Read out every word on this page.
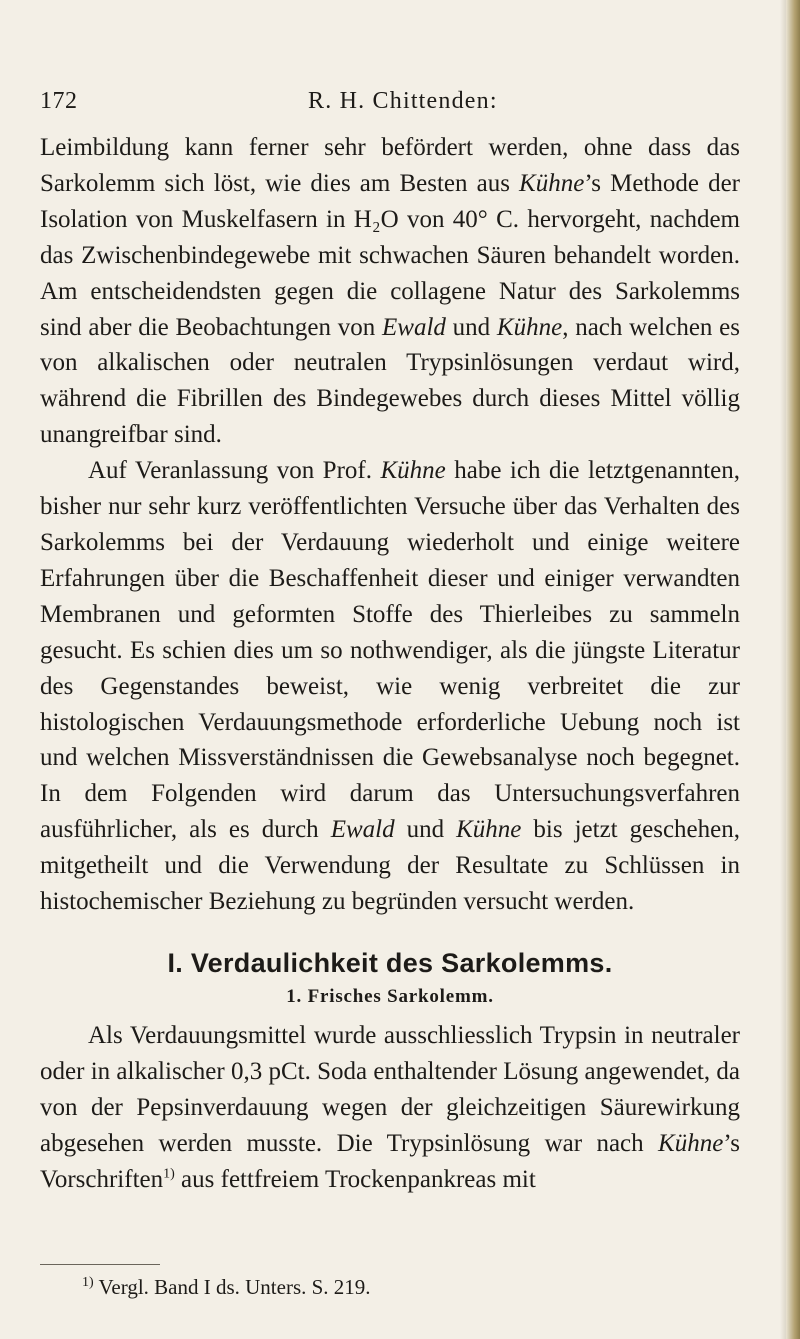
172	R. H. Chittenden:

Leimbildung kann ferner sehr befördert werden, ohne dass das Sarkolemm sich löst, wie dies am Besten aus Kühne’s Methode der Isolation von Muskelfasern in H₂O von 40° C. hervorgeht, nachdem das Zwischenbindegewebe mit schwachen Säuren behandelt worden. Am entscheidendsten gegen die collagene Natur des Sarkolemms sind aber die Beobachtungen von Ewald und Kühne, nach welchen es von alkalischen oder neutralen Trypsinlösungen verdaut wird, während die Fibrillen des Bindegewebes durch dieses Mittel völlig unangreifbar sind.

Auf Veranlassung von Prof. Kühne habe ich die letztgenannten, bisher nur sehr kurz veröffentlichten Versuche über das Verhalten des Sarkolemms bei der Verdauung wiederholt und einige weitere Erfahrungen über die Beschaffenheit dieser und einiger verwandten Membranen und geformten Stoffe des Thierleibes zu sammeln gesucht. Es schien dies um so nothwendiger, als die jüngste Literatur des Gegenstandes beweist, wie wenig verbreitet die zur histologischen Verdauungsmethode erforderliche Uebung noch ist und welchen Missverständnissen die Gewebsanalyse noch begegnet. In dem Folgenden wird darum das Untersuchungsverfahren ausführlicher, als es durch Ewald und Kühne bis jetzt geschehen, mitgetheilt und die Verwendung der Resultate zu Schlüssen in histochemischer Beziehung zu begründen versucht werden.

I. Verdaulichkeit des Sarkolemms.
1. Frisches Sarkolemm.

Als Verdauungsmittel wurde ausschliesslich Trypsin in neutraler oder in alkalischer 0,3 pCt. Soda enthaltender Lösung angewendet, da von der Pepsinverdauung wegen der gleichzeitigen Säurewirkung abgesehen werden musste. Die Trypsinlösung war nach Kühne’s Vorschriften$^{1)}$ aus fettfreiem Trockenpankreas mit

$^{1)}$ Vergl. Band I ds. Unters. S. 219.
